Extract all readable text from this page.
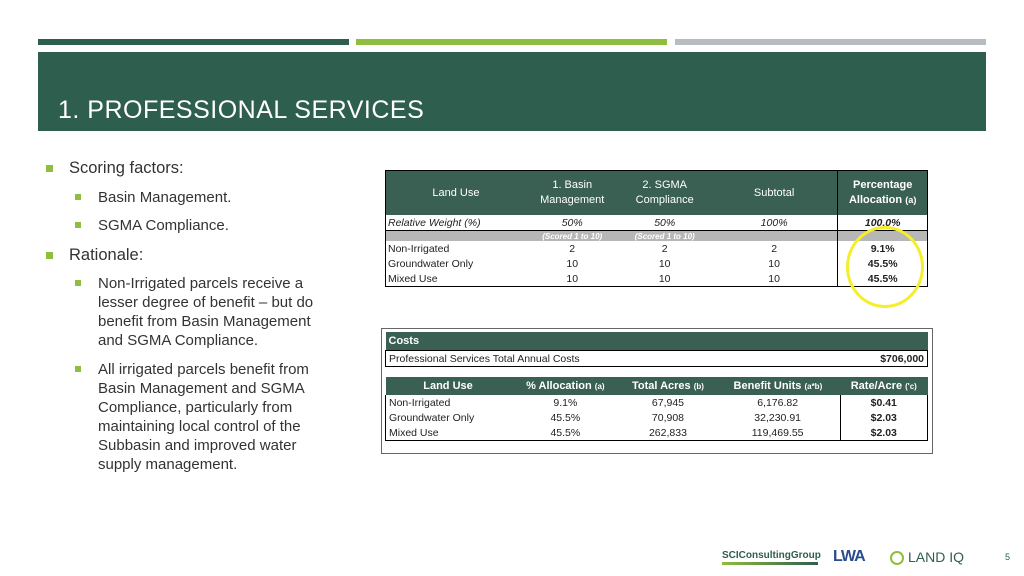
1. PROFESSIONAL SERVICES
Scoring factors:
Basin Management.
SGMA Compliance.
Rationale:
Non-Irrigated parcels receive a lesser degree of benefit – but do benefit from Basin Management and SGMA Compliance.
All irrigated parcels benefit from Basin Management and SGMA Compliance, particularly from maintaining local control of the Subbasin and improved water supply management.
Land Use	1. Basin Management	2. SGMA Compliance	Subtotal	Percentage
Allocation (a)
Relative Weight (%)	50%	50%	100%	100.0%
	(Scored 1 to 10)	(Scored 1 to 10)		
Non-Irrigated	2	2	2	9.1%
Groundwater Only	10	10	10	45.5%
Mixed Use	10	10	10	45.5%
Costs				
Professional Services Total Annual Costs				$706,000

Land Use	% Allocation (a)	Total Acres (b)	Benefit Units (a*b)	Rate/Acre ('c)
Non-Irrigated	9.1%	67,945	6,176.82	$0.41
Groundwater Only	45.5%	70,908	32,230.91	$2.03
Mixed Use	45.5%	262,833	119,469.55	$2.03
SCIConsultingGroup LWA	LAND IQ	5
